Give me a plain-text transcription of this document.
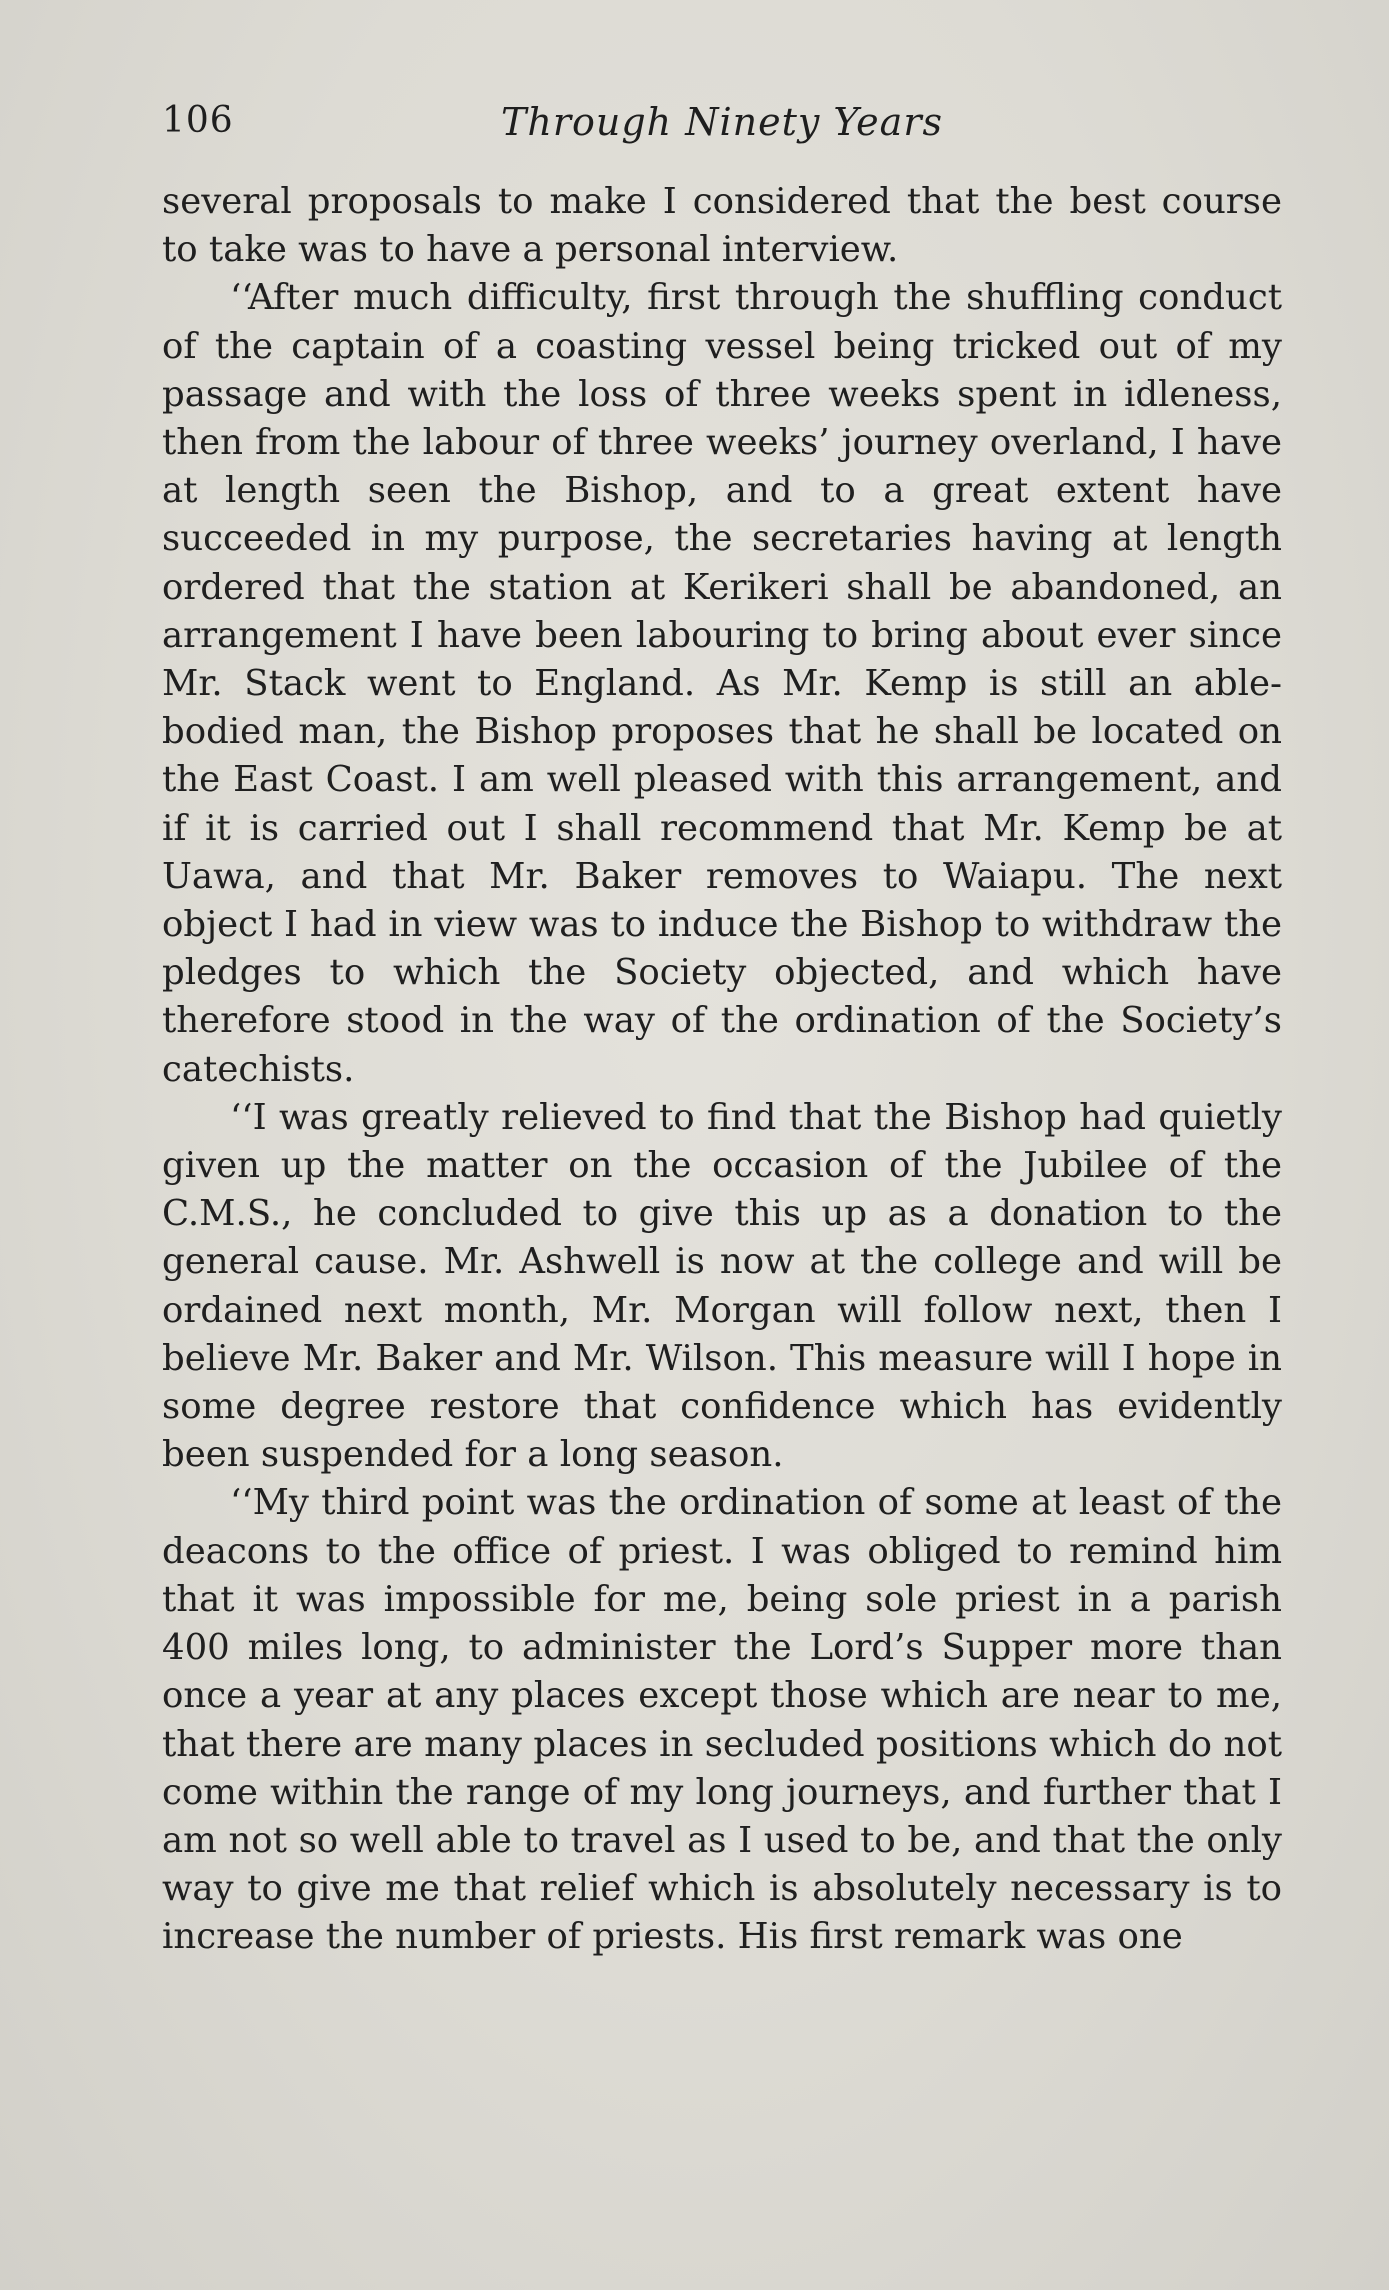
106	Through Ninety Years

several proposals to make I considered that the best course to take was to have a personal interview.

‘‘After much difficulty, first through the shuffling conduct of the captain of a coasting vessel being tricked out of my passage and with the loss of three weeks spent in idleness, then from the labour of three weeks’ journey overland, I have at length seen the Bishop, and to a great extent have succeeded in my purpose, the secretaries having at length ordered that the station at Kerikeri shall be abandoned, an arrangement I have been labouring to bring about ever since Mr. Stack went to England. As Mr. Kemp is still an able-bodied man, the Bishop proposes that he shall be located on the East Coast. I am well pleased with this arrangement, and if it is carried out I shall recommend that Mr. Kemp be at Uawa, and that Mr. Baker removes to Waiapu. The next object I had in view was to induce the Bishop to withdraw the pledges to which the Society objected, and which have therefore stood in the way of the ordination of the Society’s catechists.

‘‘I was greatly relieved to find that the Bishop had quietly given up the matter on the occasion of the Jubilee of the C.M.S., he concluded to give this up as a donation to the general cause. Mr. Ashwell is now at the college and will be ordained next month, Mr. Morgan will follow next, then I believe Mr. Baker and Mr. Wilson. This measure will I hope in some degree restore that confidence which has evidently been suspended for a long season.

‘‘My third point was the ordination of some at least of the deacons to the office of priest. I was obliged to remind him that it was impossible for me, being sole priest in a parish 400 miles long, to administer the Lord’s Supper more than once a year at any places except those which are near to me, that there are many places in secluded positions which do not come within the range of my long journeys, and further that I am not so well able to travel as I used to be, and that the only way to give me that relief which is absolutely necessary is to increase the number of priests. His first remark was one
